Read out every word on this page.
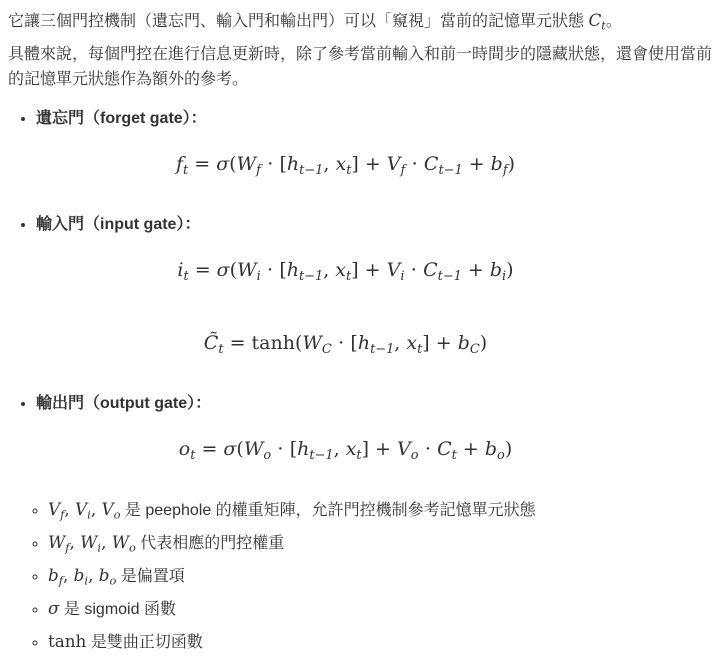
它讓三個門控機制（遺忘門、輸入門和輸出門）可以「窺視」當前的記憶單元狀態 $C_t$。

具體來說，每個門控在進行信息更新時，除了參考當前輸入和前一時間步的隱藏狀態，還會使用當前的記憶單元狀態作為額外的參考。

• 遺忘門（forget gate）：
$f_t = \sigma(W_f \cdot [h_{t-1}$, $x_t] + V_f \cdot C_{t-1} + b_f$)
• 輸入門（input gate）：
$i_t = \sigma(W_i \cdot [h_{t-1}$, $x_t] + V_i \cdot C_{t-1} + b_i$)
$C̃_t = \tanh(W_C \cdot [h_{t-1}$, $x_t] + b_C$)
• 輸出門（output gate）：
$o_t = \sigma(W_o \cdot [h_{t-1}$, $x_t] + V_o \cdot C_t + b_o$)
◦ $V_f$, $V_i$, $V_o$ 是 peephole 的權重矩陣，允許門控機制參考記憶單元狀態
◦ $W_f$, $W_i$, $W_o$ 代表相應的門控權重
◦ $b_f$, $b_i$, $b_o$ 是偏置項
◦ σ 是 sigmoid 函數
◦ tanh 是雙曲正切函數
